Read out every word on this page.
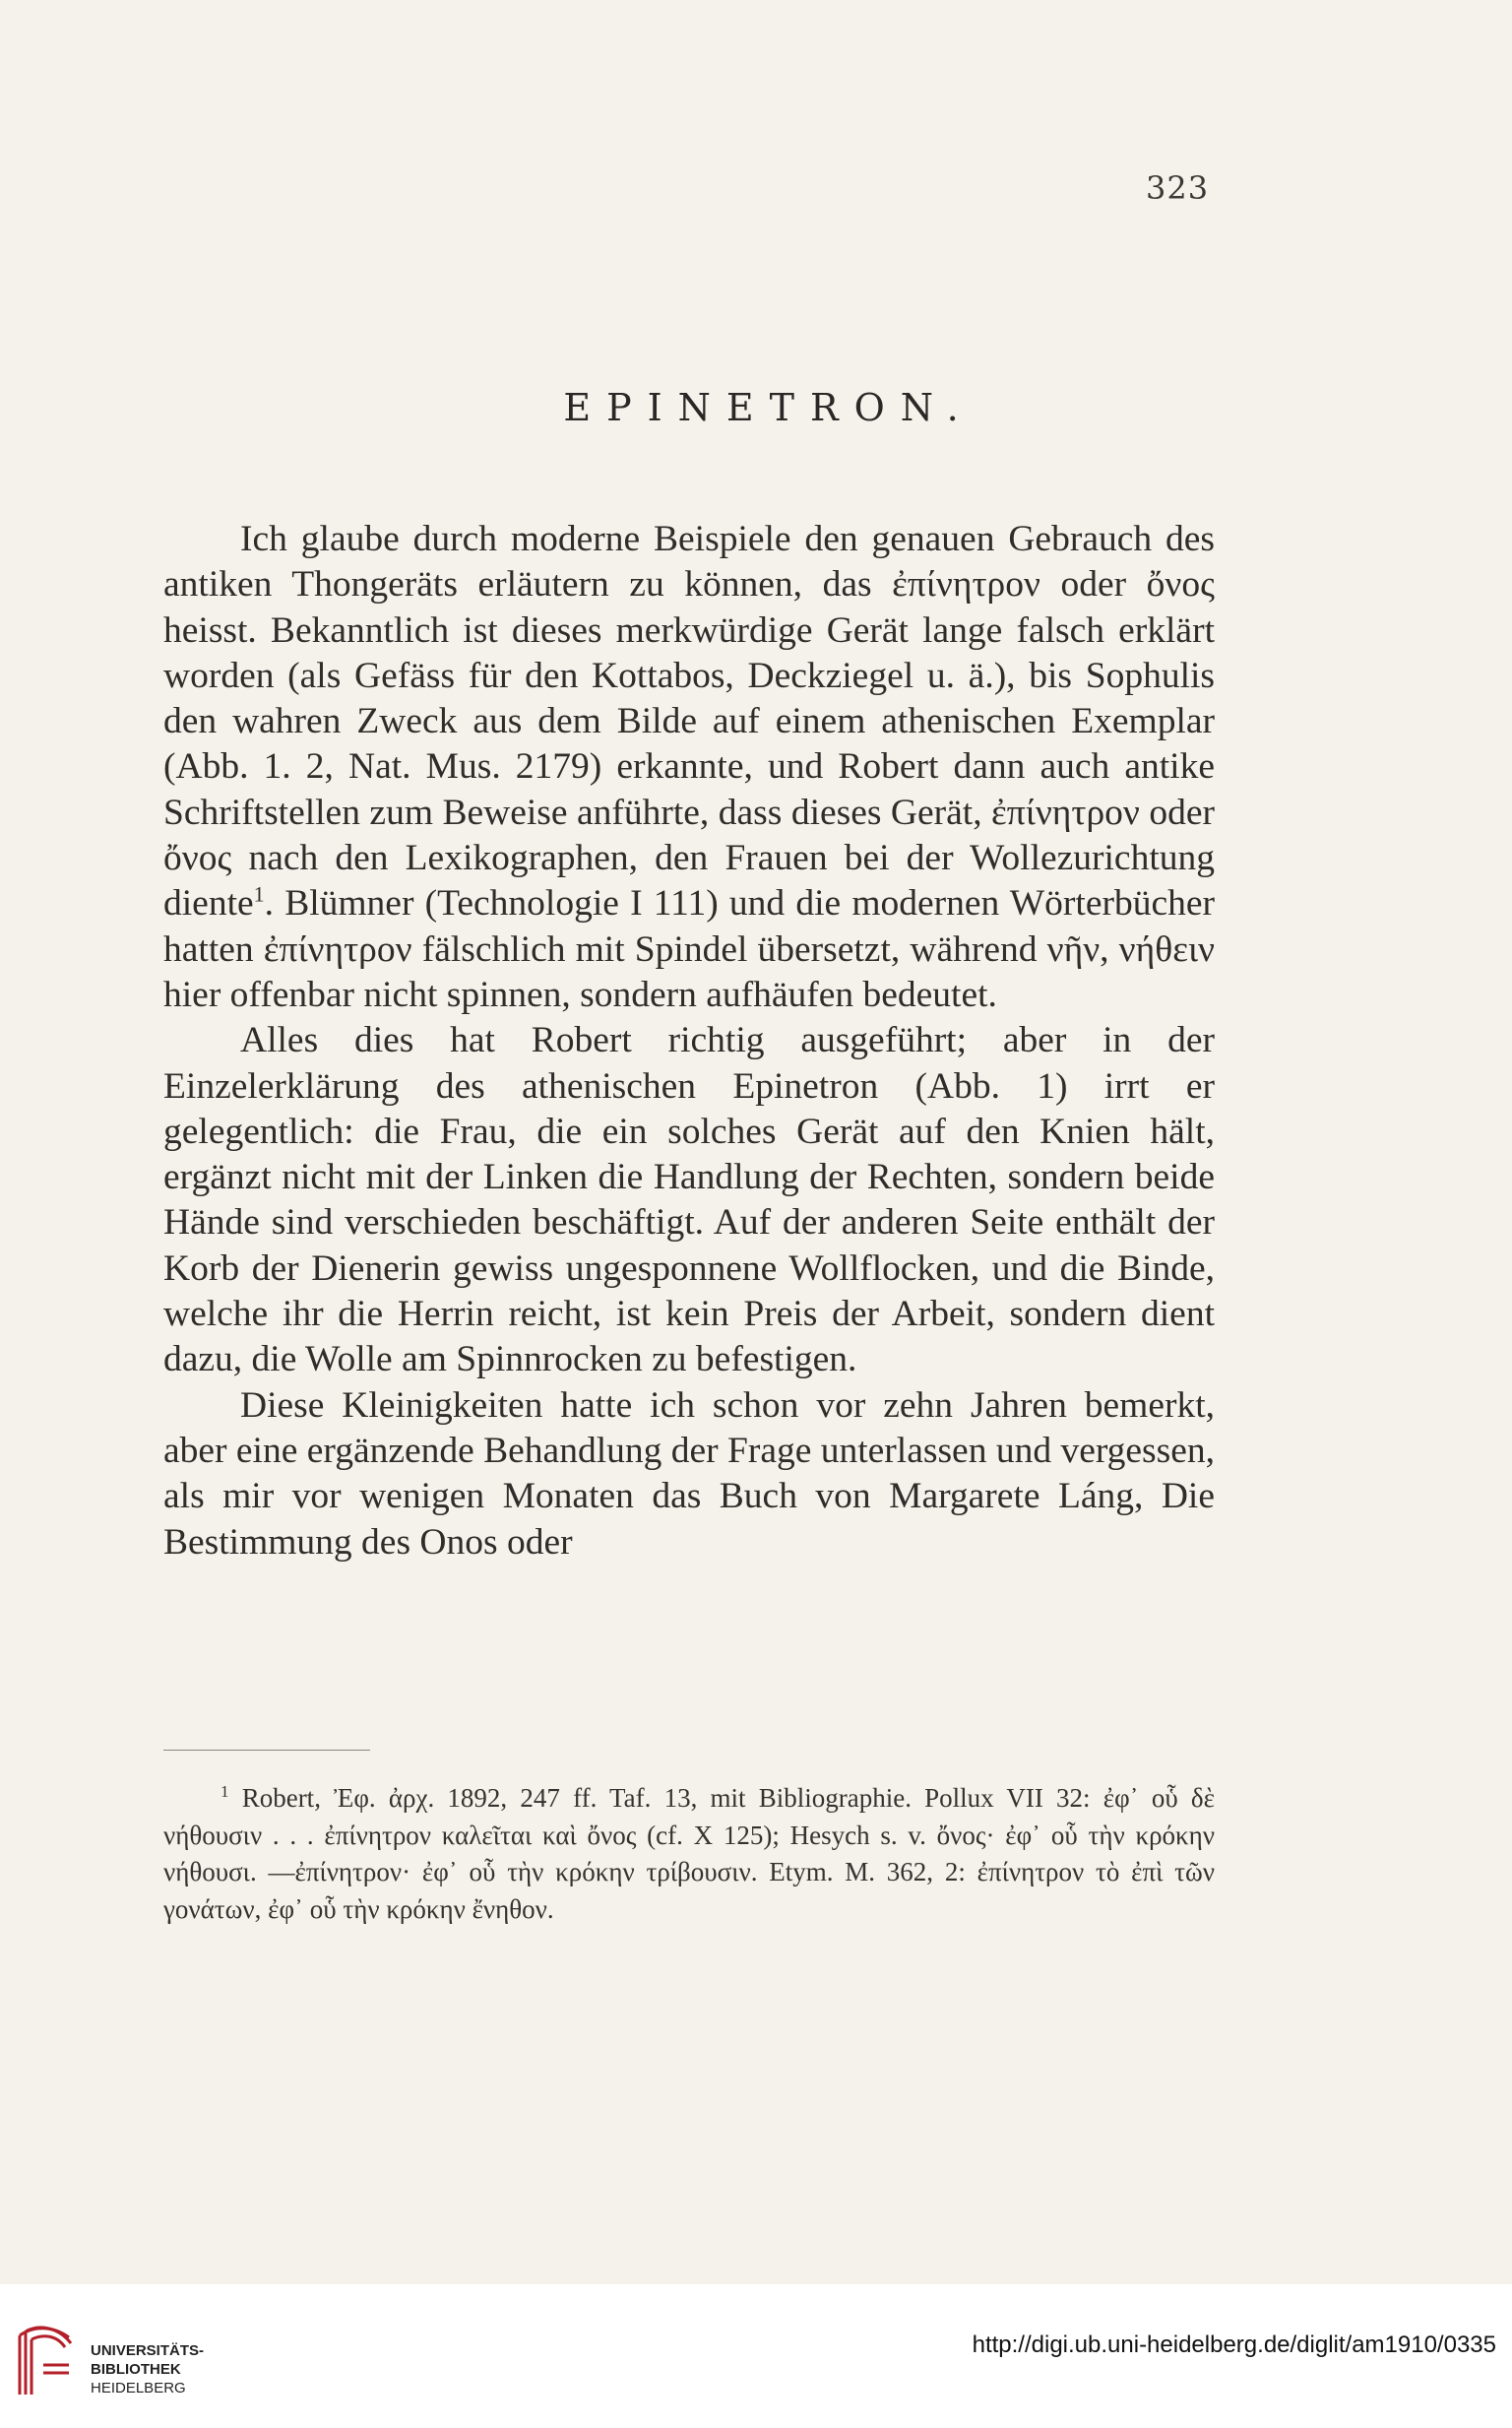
323
EPINETRON.

Ich glaube durch moderne Beispiele den genauen Gebrauch des antiken Thongeräts erläutern zu können, das ἐπίνητρον oder ὄνος heisst. Bekanntlich ist dieses merkwürdige Gerät lange falsch erklärt worden (als Gefäss für den Kottabos, Deckziegel u. ä.), bis Sophulis den wahren Zweck aus dem Bilde auf einem athenischen Exemplar (Abb. 1. 2, Nat. Mus. 2179) erkannte, und Robert dann auch antike Schriftstellen zum Beweise anführte, dass dieses Gerät, ἐπίνητρον oder ὄνος nach den Lexikographen, den Frauen bei der Wollezurichtung diente$^1$. Blümner (Technologie I 111) und die modernen Wörterbücher hatten ἐπίνητρον fälschlich mit Spindel übersetzt, während νῆν, νήθειν hier offenbar nicht spinnen, sondern aufhäufen bedeutet.

Alles dies hat Robert richtig ausgeführt; aber in der Einzelerklärung des athenischen Epinetron (Abb. 1) irrt er gelegentlich: die Frau, die ein solches Gerät auf den Knien hält, ergänzt nicht mit der Linken die Handlung der Rechten, sondern beide Hände sind verschieden beschäftigt. Auf der anderen Seite enthält der Korb der Dienerin gewiss ungesponnene Wollflocken, und die Binde, welche ihr die Herrin reicht, ist kein Preis der Arbeit, sondern dient dazu, die Wolle am Spinnrocken zu befestigen.

Diese Kleinigkeiten hatte ich schon vor zehn Jahren bemerkt, aber eine ergänzende Behandlung der Frage unterlassen und vergessen, als mir vor wenigen Monaten das Buch von Margarete Láng, Die Bestimmung des Onos oder

$^1$ Robert, Ἐφ. ἀρχ. 1892, 247 ff. Taf. 13, mit Bibliographie. Pollux VII 32: ἐφ᾽ οὗ δὲ νήθουσιν . . . ἐπίνητρον καλεῖται καὶ ὄνος (cf. X 125); Hesych s. v. ὄνος· ἐφ᾽ οὗ τὴν κρόκην νήθουσι. —ἐπίνητρον· ἐφ᾽ οὗ τὴν κρόκην τρίβουσιν. Etym. M. 362, 2: ἐπίνητρον τὸ ἐπὶ τῶν γονάτων, ἐφ᾽ οὗ τὴν κρόκην ἔνηθον.

UNIVERSITÄTS-
BIBLIOTHEK
HEIDELBERG
http://digi.ub.uni-heidelberg.de/diglit/am1910/0335
